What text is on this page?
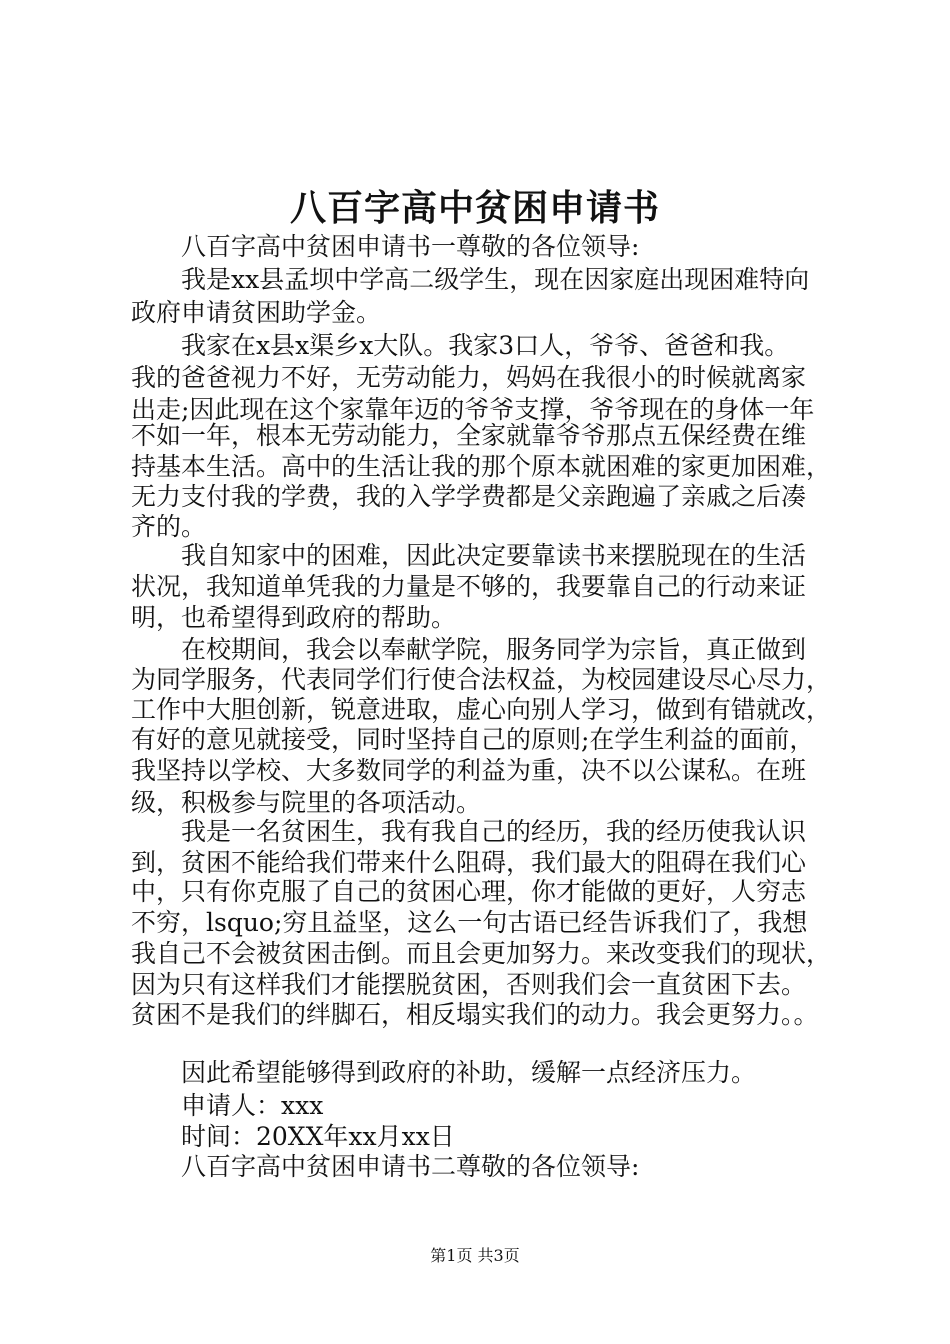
八百字高中贫困申请书
八百字高中贫困申请书一尊敬的各位领导:
我是xx县孟坝中学高二级学生，现在因家庭出现困难特向
政府申请贫困助学金。
我家在x县x渠乡x大队。我家3口人，爷爷、爸爸和我。
我的爸爸视力不好，无劳动能力，妈妈在我很小的时候就离家
出走;因此现在这个家靠年迈的爷爷支撑，爷爷现在的身体一年
不如一年，根本无劳动能力，全家就靠爷爷那点五保经费在维
持基本生活。高中的生活让我的那个原本就困难的家更加困难，
无力支付我的学费，我的入学学费都是父亲跑遍了亲戚之后凑
齐的。
我自知家中的困难，因此决定要靠读书来摆脱现在的生活
状况，我知道单凭我的力量是不够的，我要靠自己的行动来证
明，也希望得到政府的帮助。
在校期间，我会以奉献学院，服务同学为宗旨，真正做到
为同学服务，代表同学们行使合法权益，为校园建设尽心尽力，
工作中大胆创新，锐意进取，虚心向别人学习，做到有错就改，
有好的意见就接受，同时坚持自己的原则;在学生利益的面前，
我坚持以学校、大多数同学的利益为重，决不以公谋私。在班
级，积极参与院里的各项活动。
我是一名贫困生，我有我自己的经历，我的经历使我认识
到，贫困不能给我们带来什么阻碍，我们最大的阻碍在我们心
中，只有你克服了自己的贫困心理，你才能做的更好，人穷志
不穷，lsquo;穷且益坚，这么一句古语已经告诉我们了，我想
我自己不会被贫困击倒。而且会更加努力。来改变我们的现状，
因为只有这样我们才能摆脱贫困，否则我们会一直贫困下去。
贫困不是我们的绊脚石，相反塌实我们的动力。我会更努力。。
因此希望能够得到政府的补助，缓解一点经济压力。
申请人：xxx
时间：20XX年xx月xx日
八百字高中贫困申请书二尊敬的各位领导:
第1页 共3页
